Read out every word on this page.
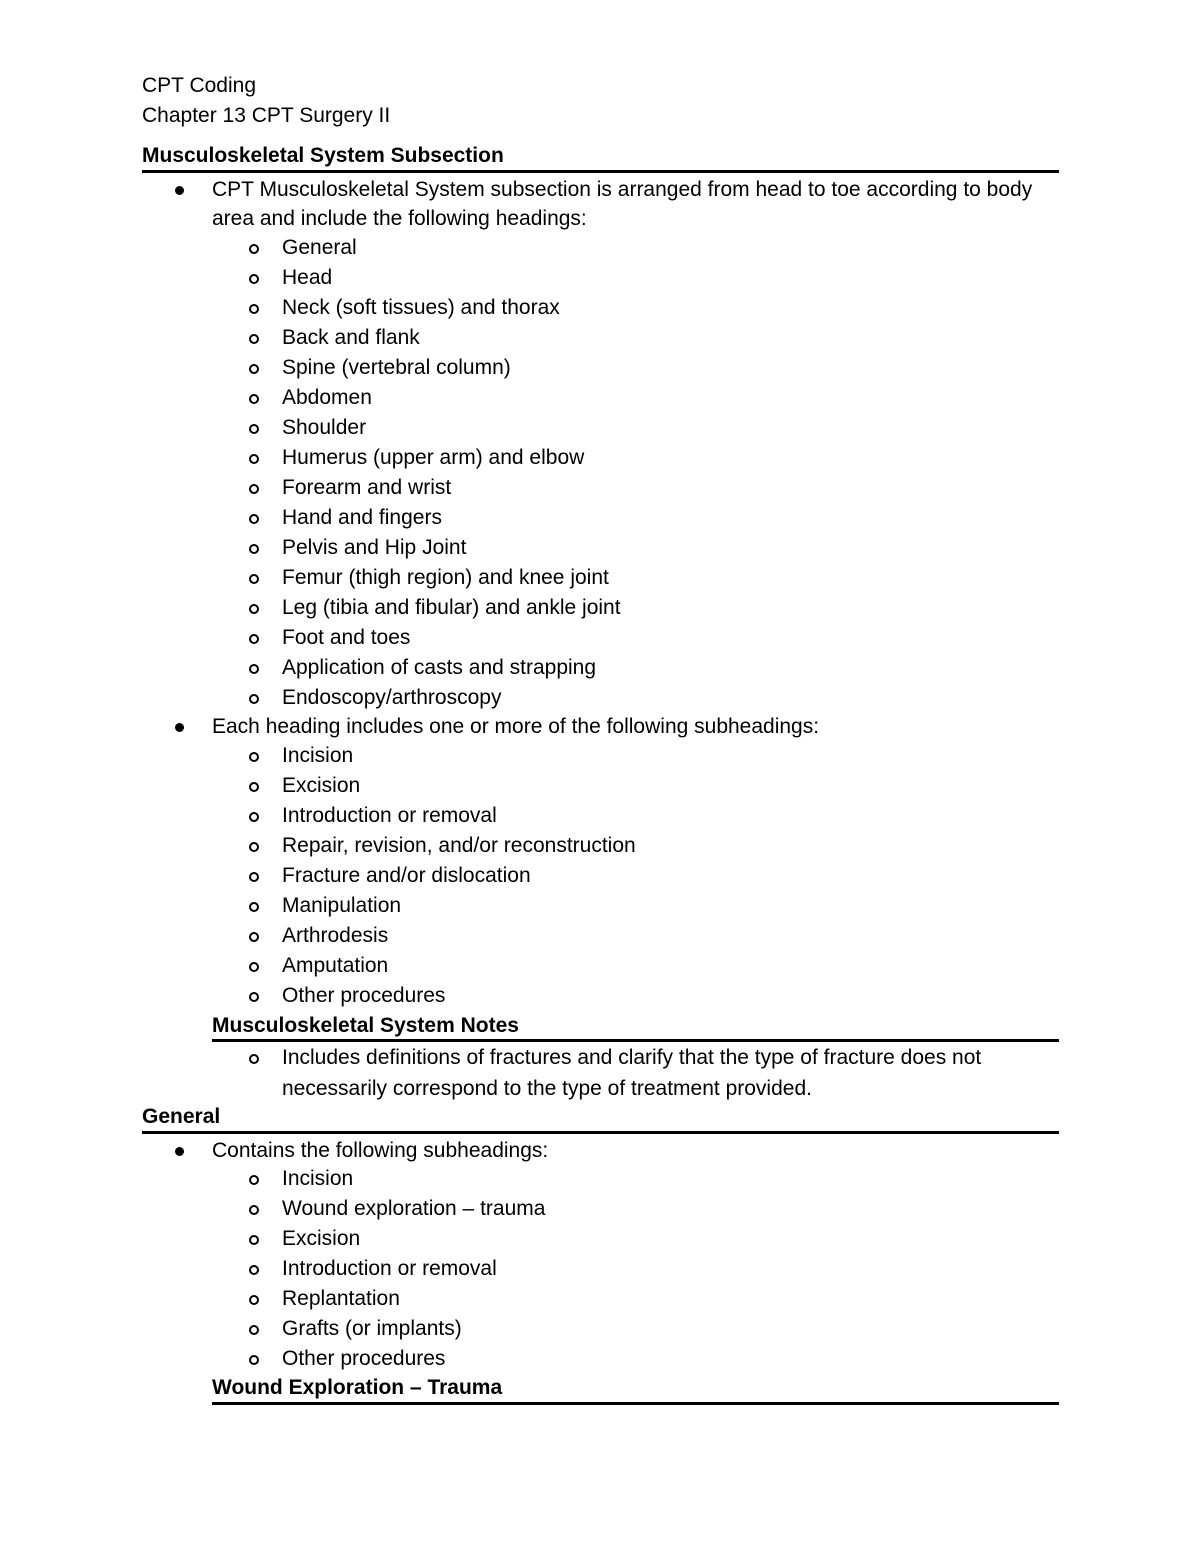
CPT Coding
Chapter 13 CPT Surgery II
Musculoskeletal System Subsection
CPT Musculoskeletal System subsection is arranged from head to toe according to body
area and include the following headings:
General
Head
Neck (soft tissues) and thorax
Back and flank
Spine (vertebral column)
Abdomen
Shoulder
Humerus (upper arm) and elbow
Forearm and wrist
Hand and fingers
Pelvis and Hip Joint
Femur (thigh region) and knee joint
Leg (tibia and fibular) and ankle joint
Foot and toes
Application of casts and strapping
Endoscopy/arthroscopy
Each heading includes one or more of the following subheadings:
Incision
Excision
Introduction or removal
Repair, revision, and/or reconstruction
Fracture and/or dislocation
Manipulation
Arthrodesis
Amputation
Other procedures
Musculoskeletal System Notes
Includes definitions of fractures and clarify that the type of fracture does not
necessarily correspond to the type of treatment provided.
General
Contains the following subheadings:
Incision
Wound exploration – trauma
Excision
Introduction or removal
Replantation
Grafts (or implants)
Other procedures
Wound Exploration – Trauma
